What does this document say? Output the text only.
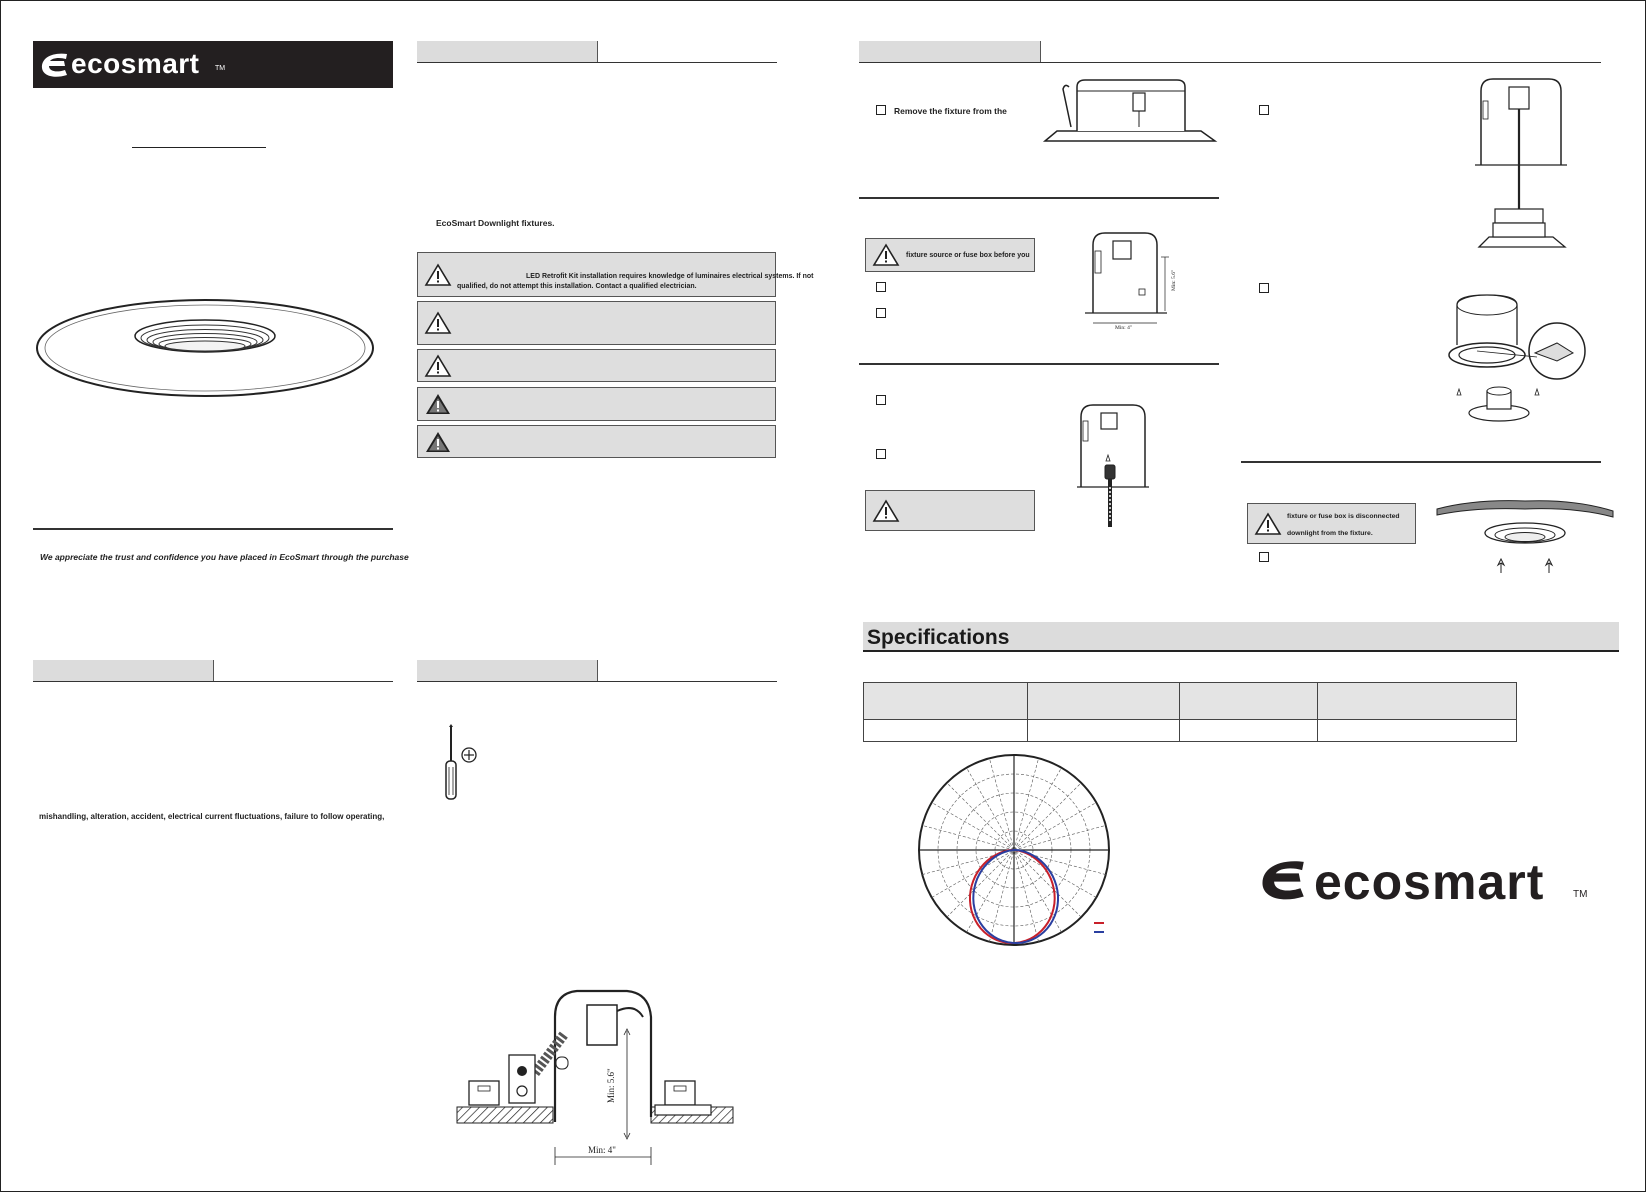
ecosmart TM
We appreciate the trust and confidence you have placed in EcoSmart through the purchase
mishandling, alteration, accident, electrical current fluctuations, failure to follow operating,
EcoSmart Downlight fixtures.
LED Retrofit Kit installation requires knowledge of luminaires electrical systems. If not
qualified, do not attempt this installation. Contact a qualified electrician.
Min: 5.6"
Min: 4"
Remove the fixture from the
fixture source or fuse box before you
Min: 4"
Min: 5.6"
fixture or fuse box is disconnected
downlight from the fixture.
Specifications

ecosmart	TM
